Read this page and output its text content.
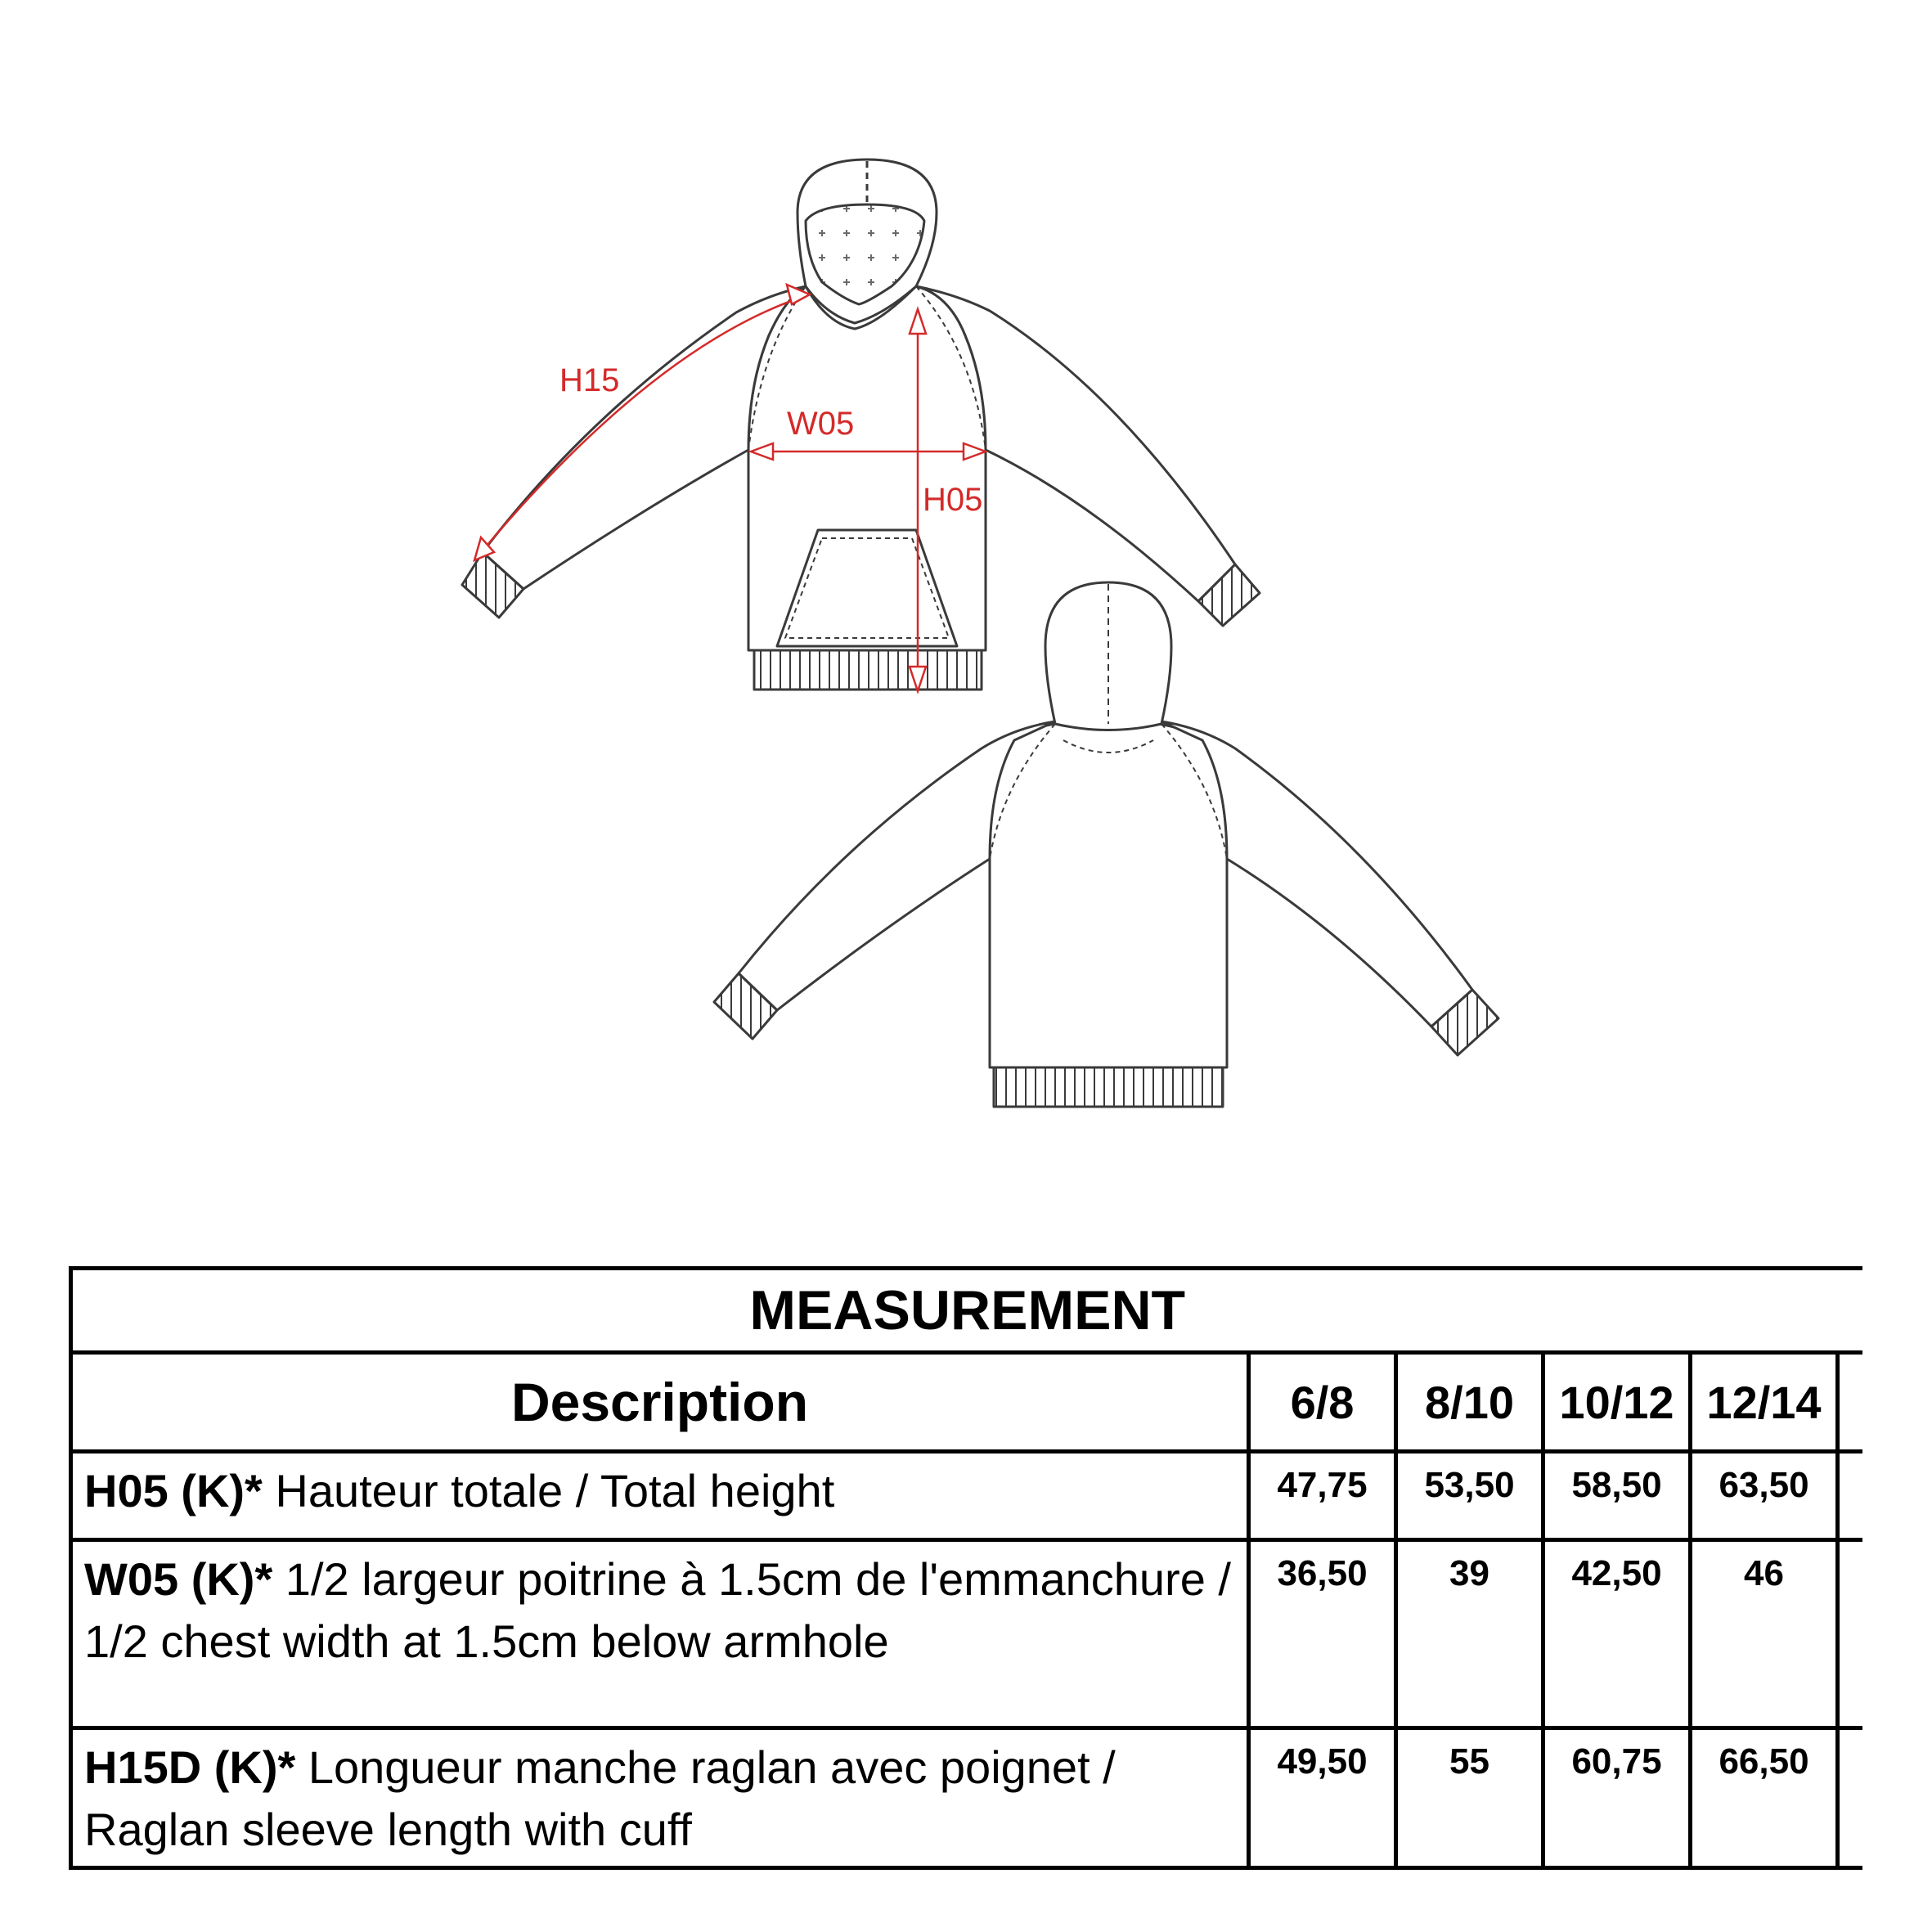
H15
W05
H05
MEASUREMENT					
Description	6/8	8/10	10/12	12/14	
H05 (K)* Hauteur totale / Total height	47,75	53,50	58,50	63,50	
W05 (K)* 1/2 largeur poitrine à 1.5cm de l'emmanchure / 1/2 chest width at 1.5cm below armhole	36,50	39	42,50	46	
H15D (K)* Longueur manche raglan avec poignet / Raglan sleeve length with cuff	49,50	55	60,75	66,50	
